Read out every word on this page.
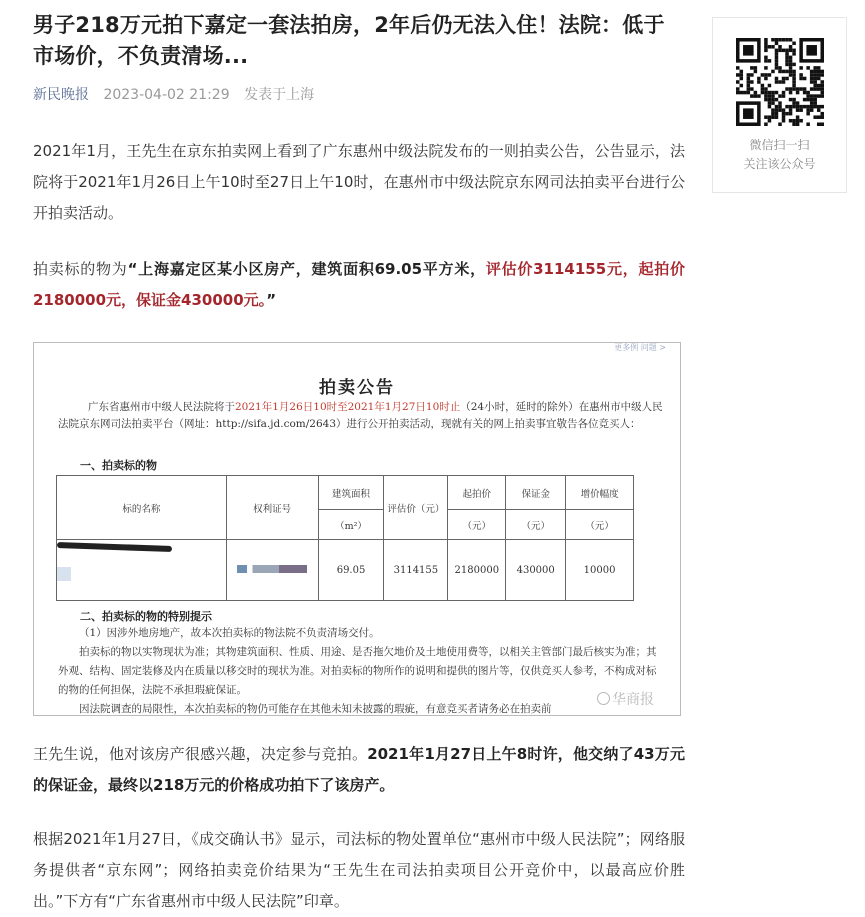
男子218万元拍下嘉定一套法拍房，2年后仍无法入住！法院：低于市场价，不负责清场...
新民晚报 2023-04-02 21:29 发表于上海

2021年1月，王先生在京东拍卖网上看到了广东惠州中级法院发布的一则拍卖公告，公告显示，法院将于2021年1月26日上午10时至27日上午10时，在惠州市中级法院京东网司法拍卖平台进行公开拍卖活动。

拍卖标的物为“上海嘉定区某小区房产，建筑面积69.05平方米，评估价3114155元，起拍价2180000元，保证金430000元。”

更多例 问题 >
拍卖公告
广东省惠州市中级人民法院将于2021年1月26日10时至2021年1月27日10时止（24小时，延时的除外）在惠州市中级人民法院京东网司法拍卖平台（网址：http://sifa.jd.com/2643）进行公开拍卖活动，现就有关的网上拍卖事宜敬告各位竞买人：
一、拍卖标的物
标的名称	权利证号	建筑面积	评估价（元）	起拍价	保证金	增价幅度
		（m²）		（元）	（元）	（元）

		69.05	3114155	2180000	430000	10000
二、拍卖标的物的特别提示

（1）因涉外地房地产，故本次拍卖标的物法院不负责清场交付。

拍卖标的物以实物现状为准；其物建筑面积、性质、用途、是否拖欠地价及土地使用费等，以相关主管部门最后核实为准；其外观、结构、固定装修及内在质量以移交时的现状为准。对拍卖标的物所作的说明和提供的图片等，仅供竞买人参考，不构成对标的物的任何担保，法院不承担瑕疵保证。

因法院调查的局限性，本次拍卖标的物仍可能存在其他未知未披露的瑕疵，有意竞买者请务必在拍卖前

华商报

王先生说，他对该房产很感兴趣，决定参与竞拍。2021年1月27日上午8时许，他交纳了43万元的保证金，最终以218万元的价格成功拍下了该房产。

根据2021年1月27日，《成交确认书》显示，司法标的物处置单位“惠州市中级人民法院”；网络服务提供者“京东网”；网络拍卖竞价结果为“王先生在司法拍卖项目公开竞价中，以最高应价胜出。”下方有“广东省惠州市中级人民法院”印章。

微信扫一扫
关注该公众号
